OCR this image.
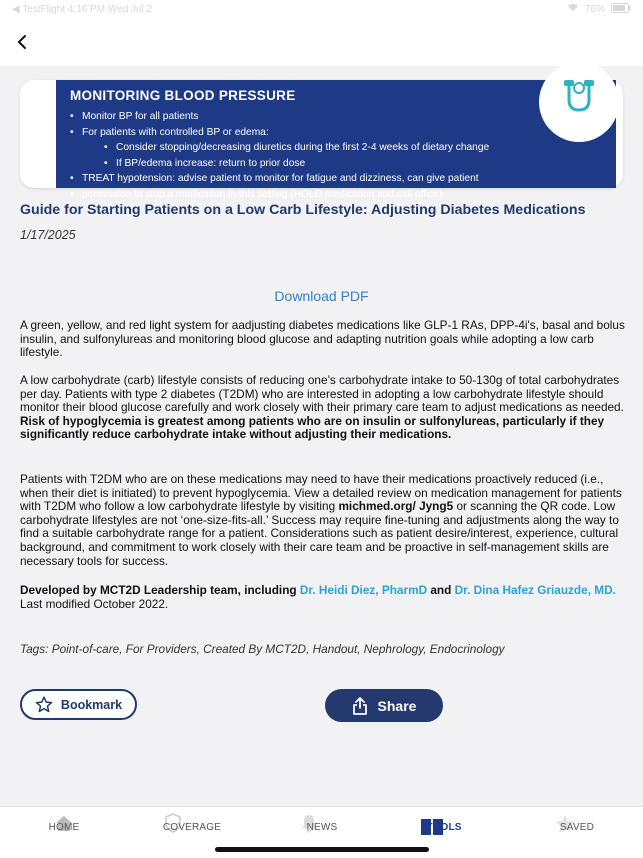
◀ TestFlight 4:16 PM Wed Jul 2	76%
MONITORING BLOOD PRESSURE
• Monitor BP for all patients
• For patients with controlled BP or edema:
• Consider stopping/decreasing diuretics during the first 2-4 weeks of dietary change
• If BP/edema increase: return to prior dose
• TREAT hypotension: advise patient to monitor for fatigue and dizziness, can give patient
• permission to stop a medication in this setting (HOLD medication and call office)
Guide for Starting Patients on a Low Carb Lifestyle: Adjusting Diabetes Medications
1/17/2025
Download PDF
A green, yellow, and red light system for aadjusting diabetes medications like GLP-1 RAs, DPP-4i's, basal and bolus insulin, and sulfonylureas and monitoring blood glucose and adapting nutrition goals while adopting a low carb lifestyle.
A low carbohydrate (carb) lifestyle consists of reducing one’s carbohydrate intake to 50-130g of total carbohydrates per day. Patients with type 2 diabetes (T2DM) who are interested in adopting a low carbohydrate lifestyle should monitor their blood glucose carefully and work closely with their primary care team to adjust medications as needed. Risk of hypoglycemia is greatest among patients who are on insulin or sulfonylureas, particularly if they significantly reduce carbohydrate intake without adjusting their medications.
Patients with T2DM who are on these medications may need to have their medications proactively reduced (i.e., when their diet is initiated) to prevent hypoglycemia. View a detailed review on medication management for patients with T2DM who follow a low carbohydrate lifestyle by visiting michmed.org/ Jyng5 or scanning the QR code. Low carbohydrate lifestyles are not ‘one-size-fits-all.’ Success may require fine-tuning and adjustments along the way to find a suitable carbohydrate range for a patient. Considerations such as patient desire/interest, experience, cultural background, and commitment to work closely with their care team and be proactive in self-management skills are necessary tools for success.
Developed by MCT2D Leadership team, including Dr. Heidi Diez, PharmD and Dr. Dina Hafez Griauzde, MD. Last modified October 2022.
Tags: Point-of-care, For Providers, Created By MCT2D, Handout, Nephrology, Endocrinology
Bookmark	Share
HOME	COVERAGE	NEWS	TOOLS	SAVED
